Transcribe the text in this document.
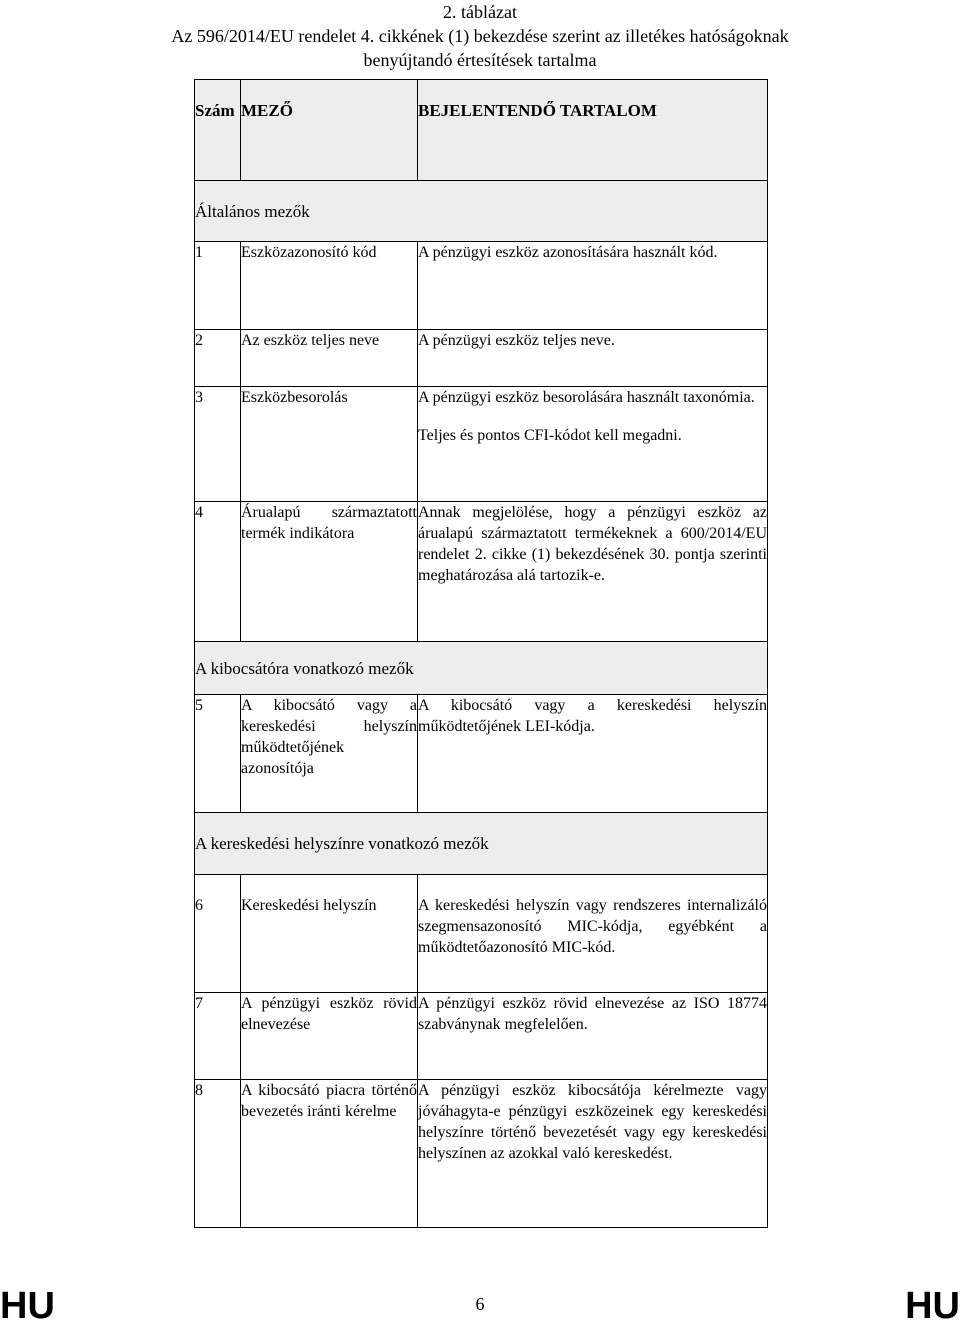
2. táblázat
Az 596/2014/EU rendelet 4. cikkének (1) bekezdése szerint az illetékes hatóságoknak
benyújtandó értesítések tartalma
Szám	MEZŐ	BEJELENTENDŐ TARTALOM
Általános mezők		
1	Eszközazonosító kód	A pénzügyi eszköz azonosítására használt kód.
2	Az eszköz teljes neve	A pénzügyi eszköz teljes neve.
3	Eszközbesorolás	A pénzügyi eszköz besorolására használt taxonómia.

Teljes és pontos CFI-kódot kell megadni.

4	Árualapú származtatott termék indikátora	Annak megjelölése, hogy a pénzügyi eszköz az árualapú származtatott termékeknek a 600/2014/EU rendelet 2. cikke (1) bekezdésének 30. pontja szerinti meghatározása alá tartozik-e.
A kibocsátóra vonatkozó mezők		
5	A kibocsátó vagy a kereskedési helyszín működtetőjének azonosítója	A kibocsátó vagy a kereskedési helyszín működtetőjének LEI-kódja.
A kereskedési helyszínre vonatkozó mezők		
6	Kereskedési helyszín	A kereskedési helyszín vagy rendszeres internalizáló szegmensazonosító MIC-kódja, egyébként a működtetőazonosító MIC-kód.
7	A pénzügyi eszköz rövid elnevezése	A pénzügyi eszköz rövid elnevezése az ISO 18774 szabványnak megfelelően.
8	A kibocsátó piacra történő bevezetés iránti kérelme	A pénzügyi eszköz kibocsátója kérelmezte vagy jóváhagyta-e pénzügyi eszközeinek egy kereskedési helyszínre történő bevezetését vagy egy kereskedési helyszínen az azokkal való kereskedést.
HU	6	HU
